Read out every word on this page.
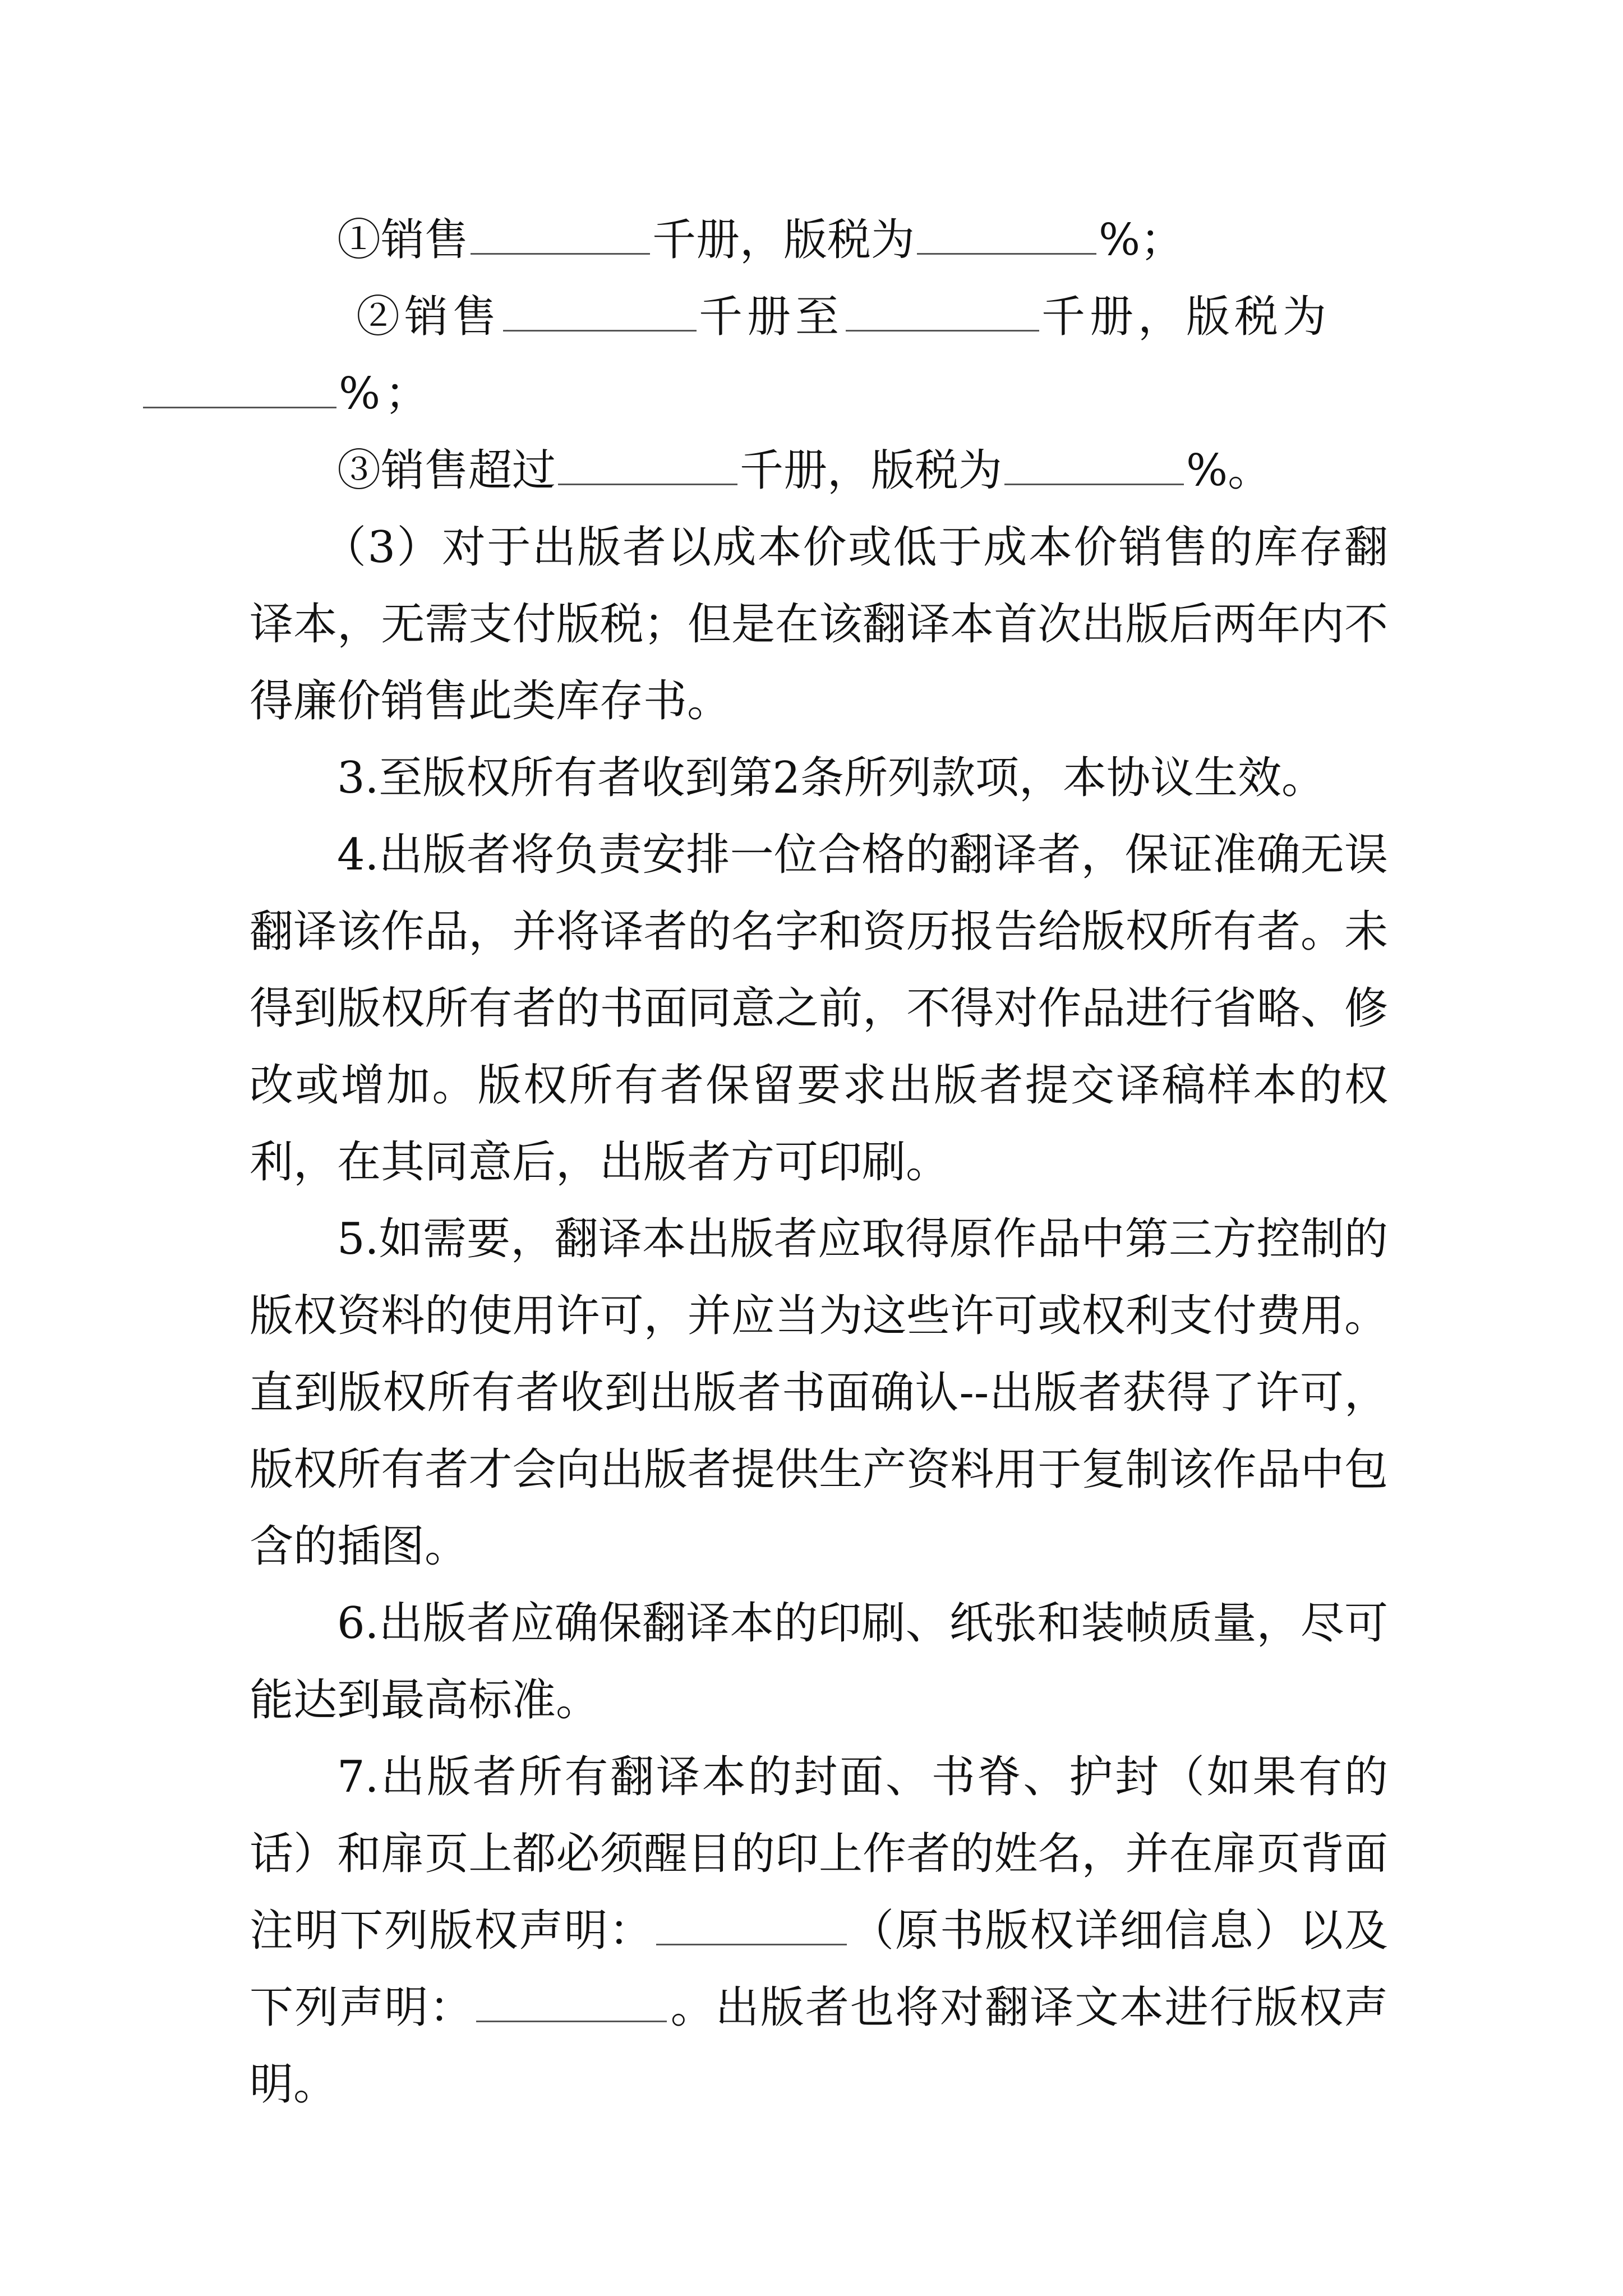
①销售	千册，版税为	%；

②销售	千册至	千册，版税为
%；

③销售超过	千册，版税为	%。

（3）对于出版者以成本价或低于成本价销售的库存翻译本，无需支付版税；但是在该翻译本首次出版后两年内不得廉价销售此类库存书。

3.至版权所有者收到第2条所列款项，本协议生效。

4.出版者将负责安排一位合格的翻译者，保证准确无误翻译该作品，并将译者的名字和资历报告给版权所有者。未得到版权所有者的书面同意之前，不得对作品进行省略、修改或增加。版权所有者保留要求出版者提交译稿样本的权利，在其同意后，出版者方可印刷。

5.如需要，翻译本出版者应取得原作品中第三方控制的版权资料的使用许可，并应当为这些许可或权利支付费用。直到版权所有者收到出版者书面确认--出版者获得了许可，版权所有者才会向出版者提供生产资料用于复制该作品中包含的插图。

6.出版者应确保翻译本的印刷、纸张和装帧质量，尽可能达到最高标准。

7.出版者所有翻译本的封面、书脊、护封（如果有的话）和扉页上都必须醒目的印上作者的姓名，并在扉页背面注明下列版权声明：	（原书版权详细信息）以及下列声明：	。出版者也将对翻译文本进行版权声明。
